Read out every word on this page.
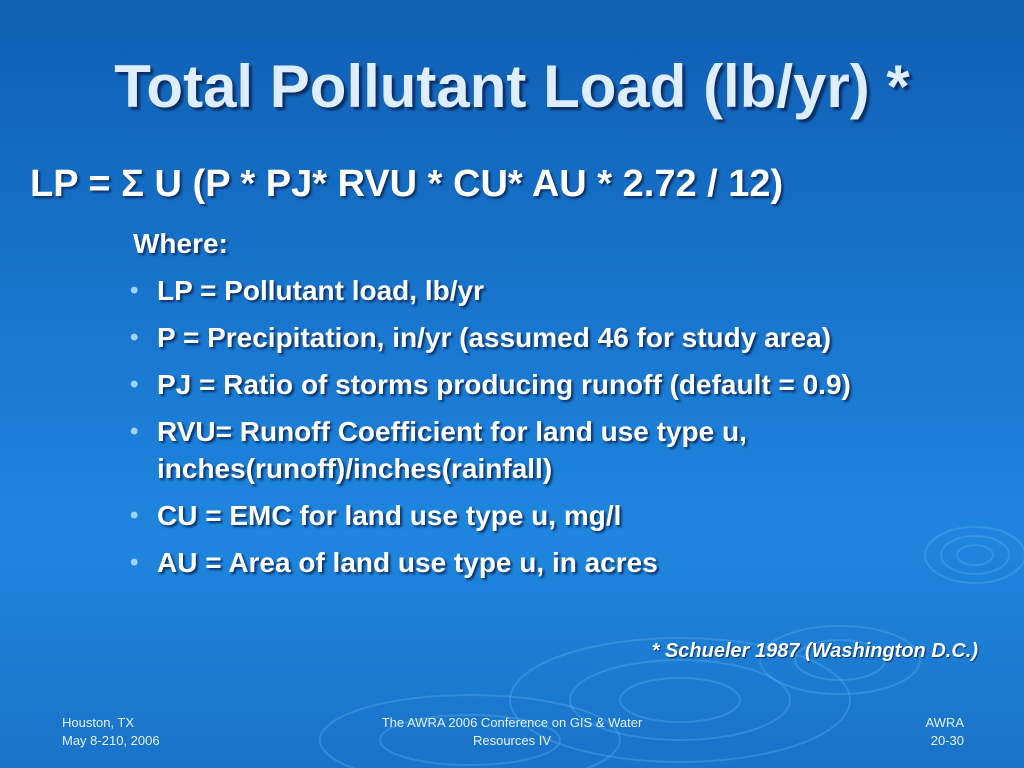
Total Pollutant Load (lb/yr) *
LP = Σ U (P * PJ* RVU * CU* AU * 2.72 / 12)
Where:
• LP = Pollutant load, lb/yr
• P = Precipitation, in/yr (assumed 46 for study area)
• PJ = Ratio of storms producing runoff (default = 0.9)
• RVU= Runoff Coefficient for land use type u, inches(runoff)/inches(rainfall)
• CU = EMC for land use type u, mg/l
• AU = Area of land use type u, in acres
* Schueler 1987 (Washington D.C.)
Houston, TX
May 8-210, 2006
The AWRA 2006 Conference on GIS & Water
Resources IV
AWRA
20-30
